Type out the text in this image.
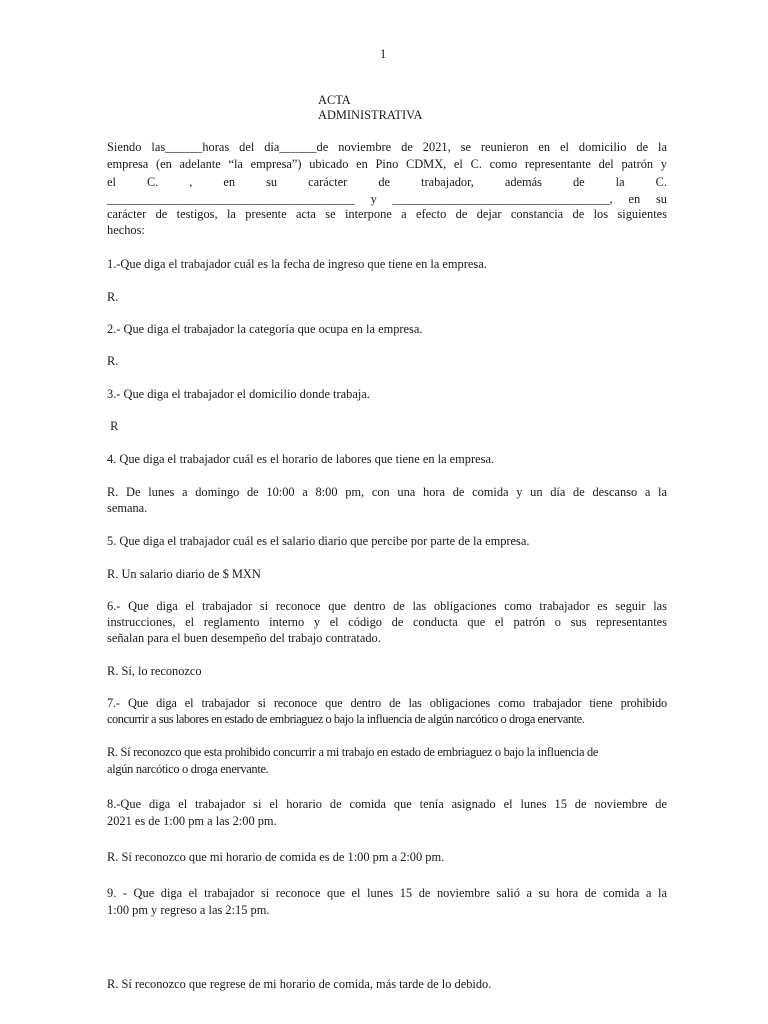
1
ACTA
ADMINISTRATIVA
Siendo las______horas del día______de noviembre de 2021, se reunieron en el domicilio de la
empresa (en adelante “la empresa”) ubicado en Pino CDMX, el C. como representante del patrón y
el C. , en su carácter de trabajador, además de la C.
________________________________________ y ___________________________________, en su
carácter de testigos, la presente acta se interpone a efecto de dejar constancia de los siguientes
hechos:
1.-Que diga el trabajador cuál es la fecha de ingreso que tiene en la empresa.
R.
2.- Que diga el trabajador la categoría que ocupa en la empresa.
R.
3.- Que diga el trabajador el domicilio donde trabaja.
R
4. Que diga el trabajador cuál es el horario de labores que tiene en la empresa.
R. De lunes a domingo de 10:00 a 8:00 pm, con una hora de comida y un día de descanso a la
semana.
5. Que diga el trabajador cuál es el salario diario que percibe por parte de la empresa.
R. Un salario diario de $ MXN
6.- Que diga el trabajador si reconoce que dentro de las obligaciones como trabajador es seguir las
instrucciones, el reglamento interno y el código de conducta que el patrón o sus representantes
señalan para el buen desempeño del trabajo contratado.
R. Sí, lo reconozco
7.- Que diga el trabajador si reconoce que dentro de las obligaciones como trabajador tiene prohibido
concurrir a sus labores en estado de embriaguez o bajo la influencia de algún narcótico o droga enervante.
R. Sí reconozco que esta prohibido concurrir a mi trabajo en estado de embriaguez o bajo la influencia de
algún narcótico o droga enervante.
8.-Que diga el trabajador si el horario de comida que tenía asignado el lunes 15 de noviembre de
2021 es de 1:00 pm a las 2:00 pm.
R. Sí reconozco que mi horario de comida es de 1:00 pm a 2:00 pm.
9. - Que diga el trabajador si reconoce que el lunes 15 de noviembre salió a su hora de comida a la
1:00 pm y regreso a las 2:15 pm.
R. Sí reconozco que regrese de mi horario de comida, más tarde de lo debido.
